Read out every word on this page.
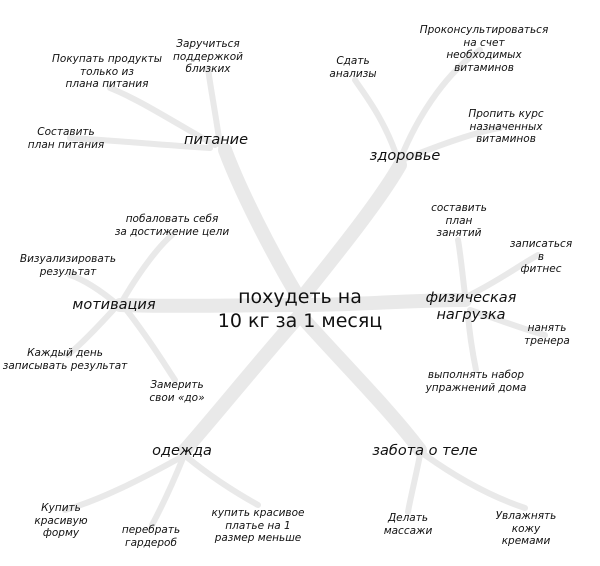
похудеть на
10 кг за 1 месяц
питание
здоровье
мотивация	физическая
нагрузка
одежда	забота о теле
Заручиться
поддержкой
близких
Покупать продукты
только из
плана питания
Составить
план питания
Проконсультироваться на счет
необходимых витаминов
Сдать
анализы
Пропить курс
назначенных витаминов
побаловать себя
за достижение цели
Визуализировать
результат
Каждый день
записывать результат
Замерить
свои «до»
составить
план
занятий
записаться в
фитнес
нанять
тренера
выполнять набор
упражнений дома
Купить
красивую
форму	перебрать
гардероб
купить красивое
платье на 1
размер меньше
Делать
массажи
Увлажнять
кожу кремами
